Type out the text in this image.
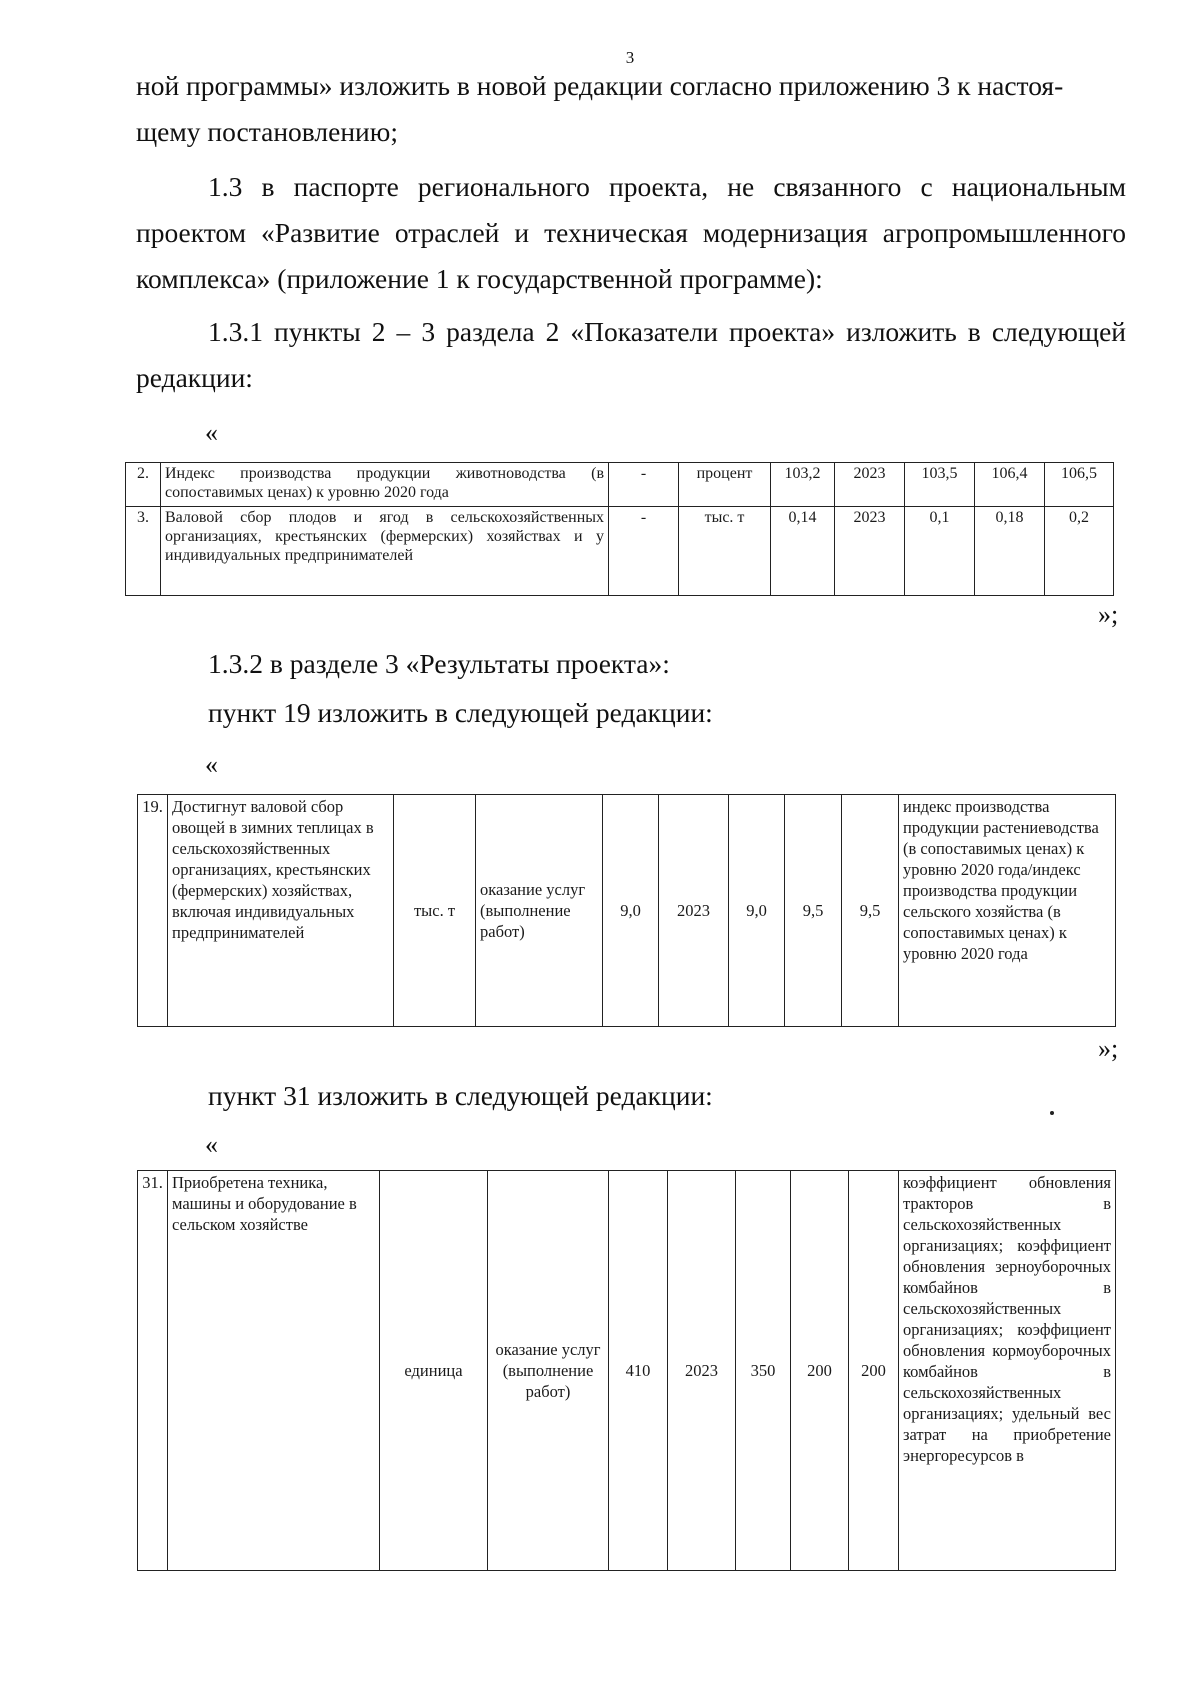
3
ной программы» изложить в новой редакции согласно приложению 3 к настоя-
щему постановлению;
1.3 в паспорте регионального проекта, не связанного с национальным проектом «Развитие отраслей и техническая модернизация агропромышленного комплекса» (приложение 1 к государственной программе):
1.3.1 пункты 2 – 3 раздела 2 «Показатели проекта» изложить в следующей редакции:
«
2.	Индекс производства продукции животноводства (в сопоставимых ценах) к уровню 2020 года	-	процент	103,2	2023	103,5	106,4	106,5
3.	Валовой сбор плодов и ягод в сельскохозяйственных организациях, крестьянских (фермерских) хозяйствах и у индивидуальных предпринимателей	-	тыс. т	0,14	2023	0,1	0,18	0,2
»;
1.3.2 в разделе 3 «Результаты проекта»:
пункт 19 изложить в следующей редакции:
«
19.	Достигнут валовой сбор овощей в зимних теплицах в сельскохозяйственных организациях, крестьянских (фермерских) хозяйствах, включая индивидуальных предпринимателей	тыс. т	оказание услуг (выполнение работ)	9,0	2023	9,0	9,5	9,5	индекс производства продукции растениеводства (в сопоставимых ценах) к уровню 2020 года/индекс производства продукции сельского хозяйства (в сопоставимых ценах) к уровню 2020 года
»;
пункт 31 изложить в следующей редакции:
«
31.	Приобретена техника, машины и оборудование в сельском хозяйстве	единица	оказание услуг (выполнение работ)	410	2023	350	200	200	коэффициент обновления тракторов в сельскохозяйственных организациях; коэффициент обновления зерноуборочных комбайнов в сельскохозяйственных организациях; коэффициент обновления кормоуборочных комбайнов в сельскохозяйственных организациях; удельный вес затрат на приобретение энергоресурсов в
